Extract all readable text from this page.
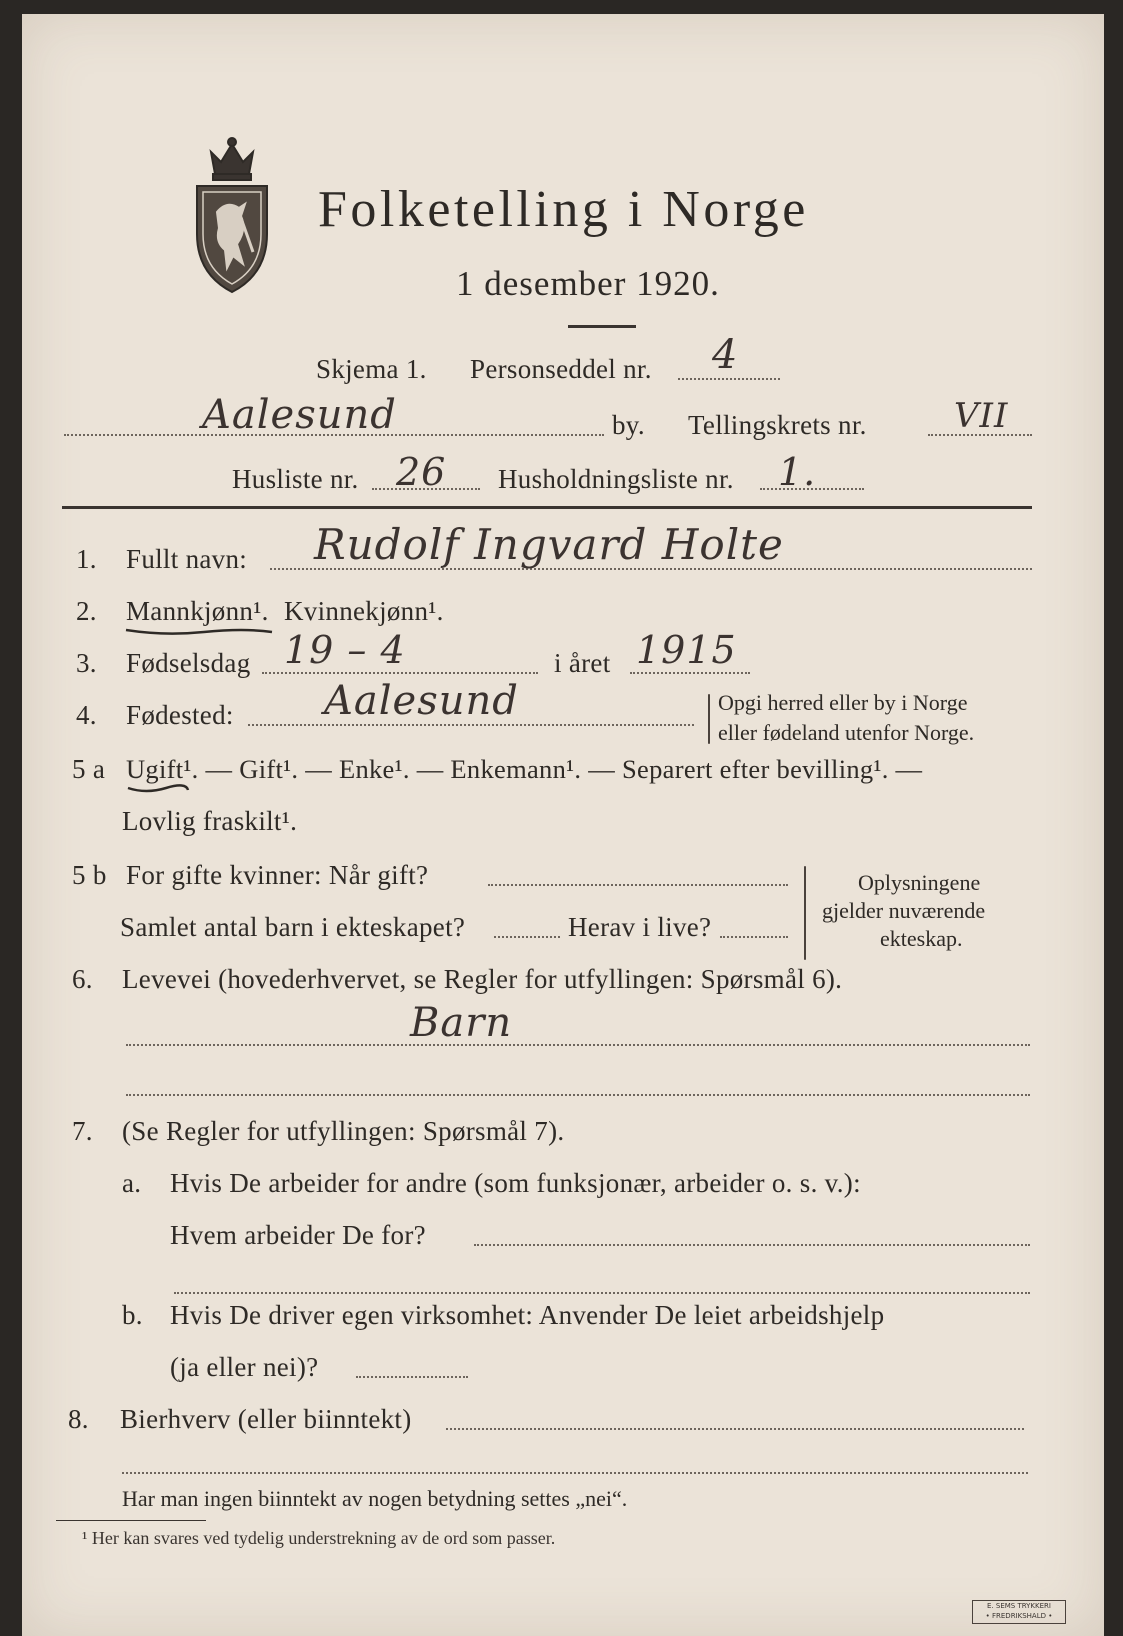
Folketelling i Norge
1 desember 1920.
Skjema 1. Personseddel nr. 4
Aalesund	by. Tellingskrets nr.	VII
Husliste nr. 26 Husholdningsliste nr. 1.
1. Fullt navn: Rudolf Ingvard Holte
2. Mannkjønn¹. Kvinnekjønn¹.
3. Fødselsdag 19 – 4	i året 1915
4. Fødested: Aalesund	Opgi herred eller by i Norge
eller fødeland utenfor Norge.
5 a Ugift¹. — Gift¹. — Enke¹. — Enkemann¹. — Separert efter bevilling¹. —
Lovlig fraskilt¹.
5 b For gifte kvinner: Når gift?
Samlet antal barn i ekteskapet?	Herav i live?
Oplysningene
gjelder nuværende
ekteskap.
6. Levevei (hovederhvervet, se Regler for utfyllingen: Spørsmål 6).
Barn
7. (Se Regler for utfyllingen: Spørsmål 7).
a. Hvis De arbeider for andre (som funksjonær, arbeider o. s. v.):
Hvem arbeider De for?
b. Hvis De driver egen virksomhet: Anvender De leiet arbeidshjelp
(ja eller nei)?
8. Bierhverv (eller biinntekt)
Har man ingen biinntekt av nogen betydning settes „nei“.
¹ Her kan svares ved tydelig understrekning av de ord som passer.
E. SEMS TRYKKERI
• FREDRIKSHALD •
